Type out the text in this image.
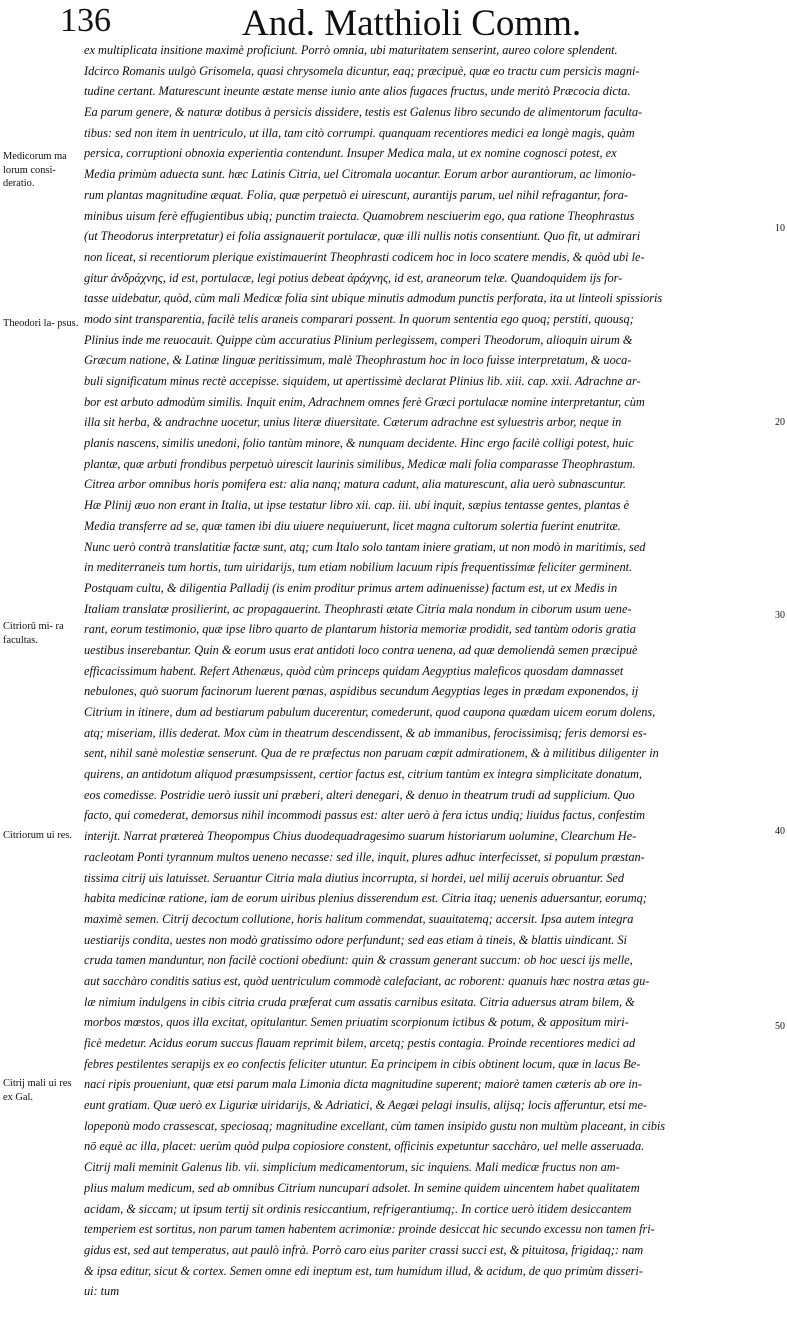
136	And. Matthioli Comm.
ex multiplicata insitione maximè proficiunt. Porrò omnia, ubi maturitatem senserint, aureo colore splendent.
Idcirco Romanis uulgò Grisomela, quasi chrysomela dicuntur, eaq; præcipuè, quæ eo tractu cum persicis magni-
tudine certant. Maturescunt ineunte æstate mense iunio ante alios fugaces fructus, unde meritò Præcocia dicta.
Ea parum genere, & naturæ dotibus à persicis dissidere, testis est Galenus libro secundo de alimentorum faculta-
tibus: sed non item in uentriculo, ut illa, tam citò corrumpi. quanquam recentiores medici ea longè magis, quàm
persica, corruptioni obnoxia experientia contendunt. Insuper Medica mala, ut ex nomine cognosci potest, ex
Media primùm aduecta sunt. hæc Latinis Citria, uel Citromala uocantur. Eorum arbor aurantiorum, ac limonio-
rum plantas magnitudine æquat. Folia, quæ perpetuò ei uirescunt, aurantijs parum, uel nihil refragantur, fora-
minibus uisum ferè effugientibus ubiq; punctim traiecta. Quamobrem nesciuerim ego, qua ratione Theophrastus
(ut Theodorus interpretatur) ei folia assignauerit portulacæ, quæ illi nullis notis consentiunt. Quo fit, ut admirari
non liceat, si recentiorum plerique existimauerint Theophrasti codicem hoc in loco scatere mendis, & quòd ubi le-
gitur ἀνδράχνης, id est, portulacæ, legi potius debeat ἀράχνης, id est, araneorum telæ. Quandoquidem ijs for-
tasse uidebatur, quòd, cùm mali Medicæ folia sint ubique minutis admodum punctis perforata, ita ut linteoli spissioris
modo sint transparentia, facilè telis araneis comparari possent. In quorum sententia ego quoq; perstiti, quousq;
Plinius inde me reuocauit. Quippe cùm accuratius Plinium perlegissem, comperi Theodorum, alioquin uirum &
Græcum natione, & Latinæ linguæ peritissimum, malè Theophrastum hoc in loco fuisse interpretatum, & uoca-
buli significatum minus rectè accepisse. siquidem, ut apertissimè declarat Plinius lib. xiii. cap. xxii. Adrachne ar-
bor est arbuto admodùm similis. Inquit enim, Adrachnem omnes ferè Græci portulacæ nomine interpretantur, cùm
illa sit herba, & andrachne uocetur, unius literæ diuersitate. Cæterum adrachne est syluestris arbor, neque in
planis nascens, similis unedoni, folio tantùm minore, & nunquam decidente. Hinc ergo facilè colligi potest, huic
plantæ, quæ arbuti frondibus perpetuò uirescit laurinis similibus, Medicæ mali folia comparasse Theophrastum.
Citrea arbor omnibus horis pomifera est: alia nanq; matura cadunt, alia maturescunt, alia uerò subnascuntur.
Hæ Plinij æuo non erant in Italia, ut ipse testatur libro xii. cap. iii. ubi inquit, sæpius tentasse gentes, plantas è
Media transferre ad se, quæ tamen ibi diu uiuere nequiuerunt, licet magna cultorum solertia fuerint enutritæ.
Nunc uerò contrà translatitiæ factæ sunt, atq; cum Italo solo tantam iniere gratiam, ut non modò in maritimis, sed
in mediterraneis tum hortis, tum uiridarijs, tum etiam nobilium lacuum ripis frequentissimæ feliciter germinent.
Postquam cultu, & diligentia Palladij (is enim proditur primus artem adinuenisse) factum est, ut ex Medis in
Italiam translatæ prosilierint, ac propagauerint. Theophrasti ætate Citria mala nondum in ciborum usum uene-
rant, eorum testimonio, quæ ipse libro quarto de plantarum historia memoriæ prodidit, sed tantùm odoris gratia
uestibus inserebantur. Quin & eorum usus erat antidoti loco contra uenena, ad quæ demoliendà semen præcipuè
efficacissimum habent. Refert Athenæus, quòd cùm princeps quidam Aegyptius maleficos quosdam damnasset
nebulones, quò suorum facinorum luerent pœnas, aspidibus secundum Aegyptias leges in prædam exponendos, ij
Citrium in itinere, dum ad bestiarum pabulum ducerentur, comederunt, quod caupona quædam uicem eorum dolens,
atq; miseriam, illis dederat. Mox cùm in theatrum descendissent, & ab immanibus, ferocissimisq; feris demorsi es-
sent, nihil sanè molestiæ senserunt. Qua de re præfectus non paruam cœpit admirationem, & à militibus diligenter in
quirens, an antidotum aliquod præsumpsissent, certior factus est, citrium tantùm ex integra simplicitate donatum,
eos comedisse. Postridie uerò iussit uni præberi, alteri denegari, & denuo in theatrum trudi ad supplicium. Quo
facto, qui comederat, demorsus nihil incommodi passus est: alter uerò à fera ictus undiq; liuidus factus, confestim
interijt. Narrat prætereà Theopompus Chius duodequadragesimo suarum historiarum uolumine, Clearchum He-
racleotam Ponti tyrannum multos ueneno necasse: sed ille, inquit, plures adhuc interfecisset, si populum præstan-
tissima citrij uis latuisset. Seruantur Citria mala diutius incorrupta, si hordei, uel milij aceruis obruantur. Sed
habita medicinæ ratione, iam de eorum uiribus plenius disserendum est. Citria itaq; uenenis aduersantur, eorumq;
maximè semen. Citrij decoctum collutione, horis halitum commendat, suauitatemq; accersit. Ipsa autem integra
uestiarijs condita, uestes non modò gratissimo odore perfundunt; sed eas etiam à tineis, & blattis uindicant. Si
cruda tamen manduntur, non facilè coctioni obediunt: quin & crassum generant succum: ob hoc uesci ijs melle,
aut sacchàro conditis satius est, quòd uentriculum commodè calefaciant, ac roborent: quanuis hæc nostra ætas gu-
læ nimium indulgens in cibis citria cruda præferat cum assatis carnibus esitata. Citria aduersus atram bilem, &
morbos mœstos, quos illa excitat, opitulantur. Semen priuatim scorpionum ictibus & potum, & appositum miri-
ficè medetur. Acidus eorum succus flauam reprimit bilem, arcetq; pestis contagia. Proinde recentiores medici ad
febres pestilentes serapijs ex eo confectis feliciter utuntur. Ea principem in cibis obtinent locum, quæ in lacus Be-
naci ripis proueniunt, quæ etsi parum mala Limonia dicta magnitudine superent; maiorè tamen cæteris ab ore in-
eunt gratiam. Quæ uerò ex Liguriæ uiridarijs, & Adriatici, & Aegæi pelagi insulis, alijsq; locis afferuntur, etsi me-
lopeponù modo crassescat, speciosaq; magnitudine excellant, cùm tamen insipido gustu non multùm placeant, in cibis
nō equè ac illa, placet: uerùm quòd pulpa copiosiore constent, officinis expetuntur sacchàro, uel melle asseruada.
Citrij mali meminit Galenus lib. vii. simplicium medicamentorum, sic inquiens. Mali medicæ fructus non am-
plius malum medicum, sed ab omnibus Citrium nuncupari adsolet. In semine quidem uincentem habet qualitatem
acidam, & siccam; ut ipsum tertij sit ordinis resiccantium, refrigerantiumq;. In cortice uerò itidem desiccantem
temperiem est sortitus, non parum tamen habentem acrimoniæ: proinde desiccat hic secundo excessu non tamen fri-
gidus est, sed aut temperatus, aut paulò infrà. Porrò caro eius pariter crassi succi est, & pituitosa, frigidaq;: nam
& ipsa editur, sicut & cortex. Semen omne edi ineptum est, tum humidum illud, & acidum, de quo primùm disseri-
ui: tum
Medicorum ma lorum consi- deratio.
Theodori la- psus.
Citriorū mi- ra facultas.
Citriorum ui res.
Citrij mali ui res ex Gal.
10
20
30
40
50
